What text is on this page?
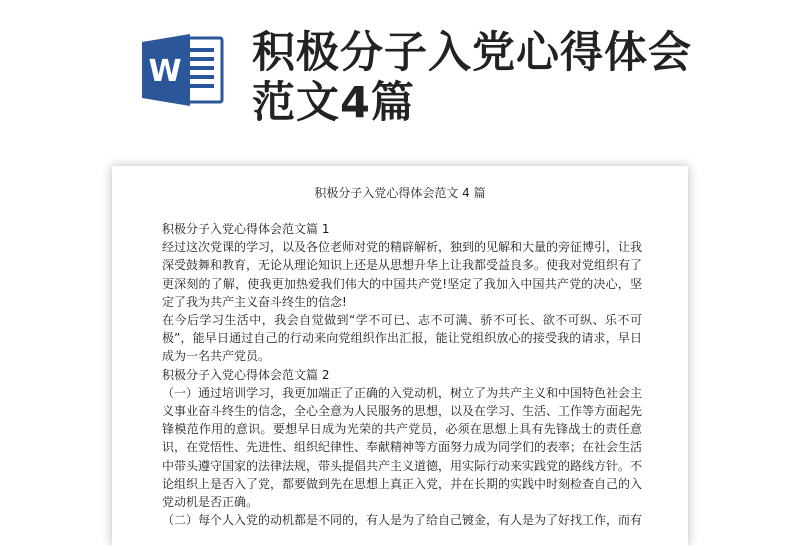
W 积极分子入党心得体会范文4篇
积极分子入党心得体会范文 4 篇

积极分子入党心得体会范文篇 1

经过这次党课的学习，以及各位老师对党的精辟解析，独到的见解和大量的旁征博引，让我深受鼓舞和教育，无论从理论知识上还是从思想升华上让我都受益良多。使我对党组织有了更深刻的了解，使我更加热爱我们伟大的中国共产党!坚定了我加入中国共产党的决心，坚定了我为共产主义奋斗终生的信念!

在今后学习生活中，我会自觉做到“学不可已、志不可满、骄不可长、欲不可纵、乐不可极”，能早日通过自己的行动来向党组织作出汇报，能让党组织放心的接受我的请求，早日成为一名共产党员。

积极分子入党心得体会范文篇 2

（一）通过培训学习，我更加端正了正确的入党动机，树立了为共产主义和中国特色社会主义事业奋斗终生的信念，全心全意为人民服务的思想，以及在学习、生活、工作等方面起先锋模范作用的意识。要想早日成为光荣的共产党员，必须在思想上具有先锋战士的责任意识，在党悟性、先进性、组织纪律性、奉献精神等方面努力成为同学们的表率；在社会生活中带头遵守国家的法律法规，带头提倡共产主义道德，用实际行动来实践党的路线方针。不论组织上是否入了党，都要做到先在思想上真正入党，并在长期的实践中时刻检查自己的入党动机是否正确。

（二）每个人入党的动机都是不同的，有人是为了给自己镀金，有人是为了好找工作，而有
